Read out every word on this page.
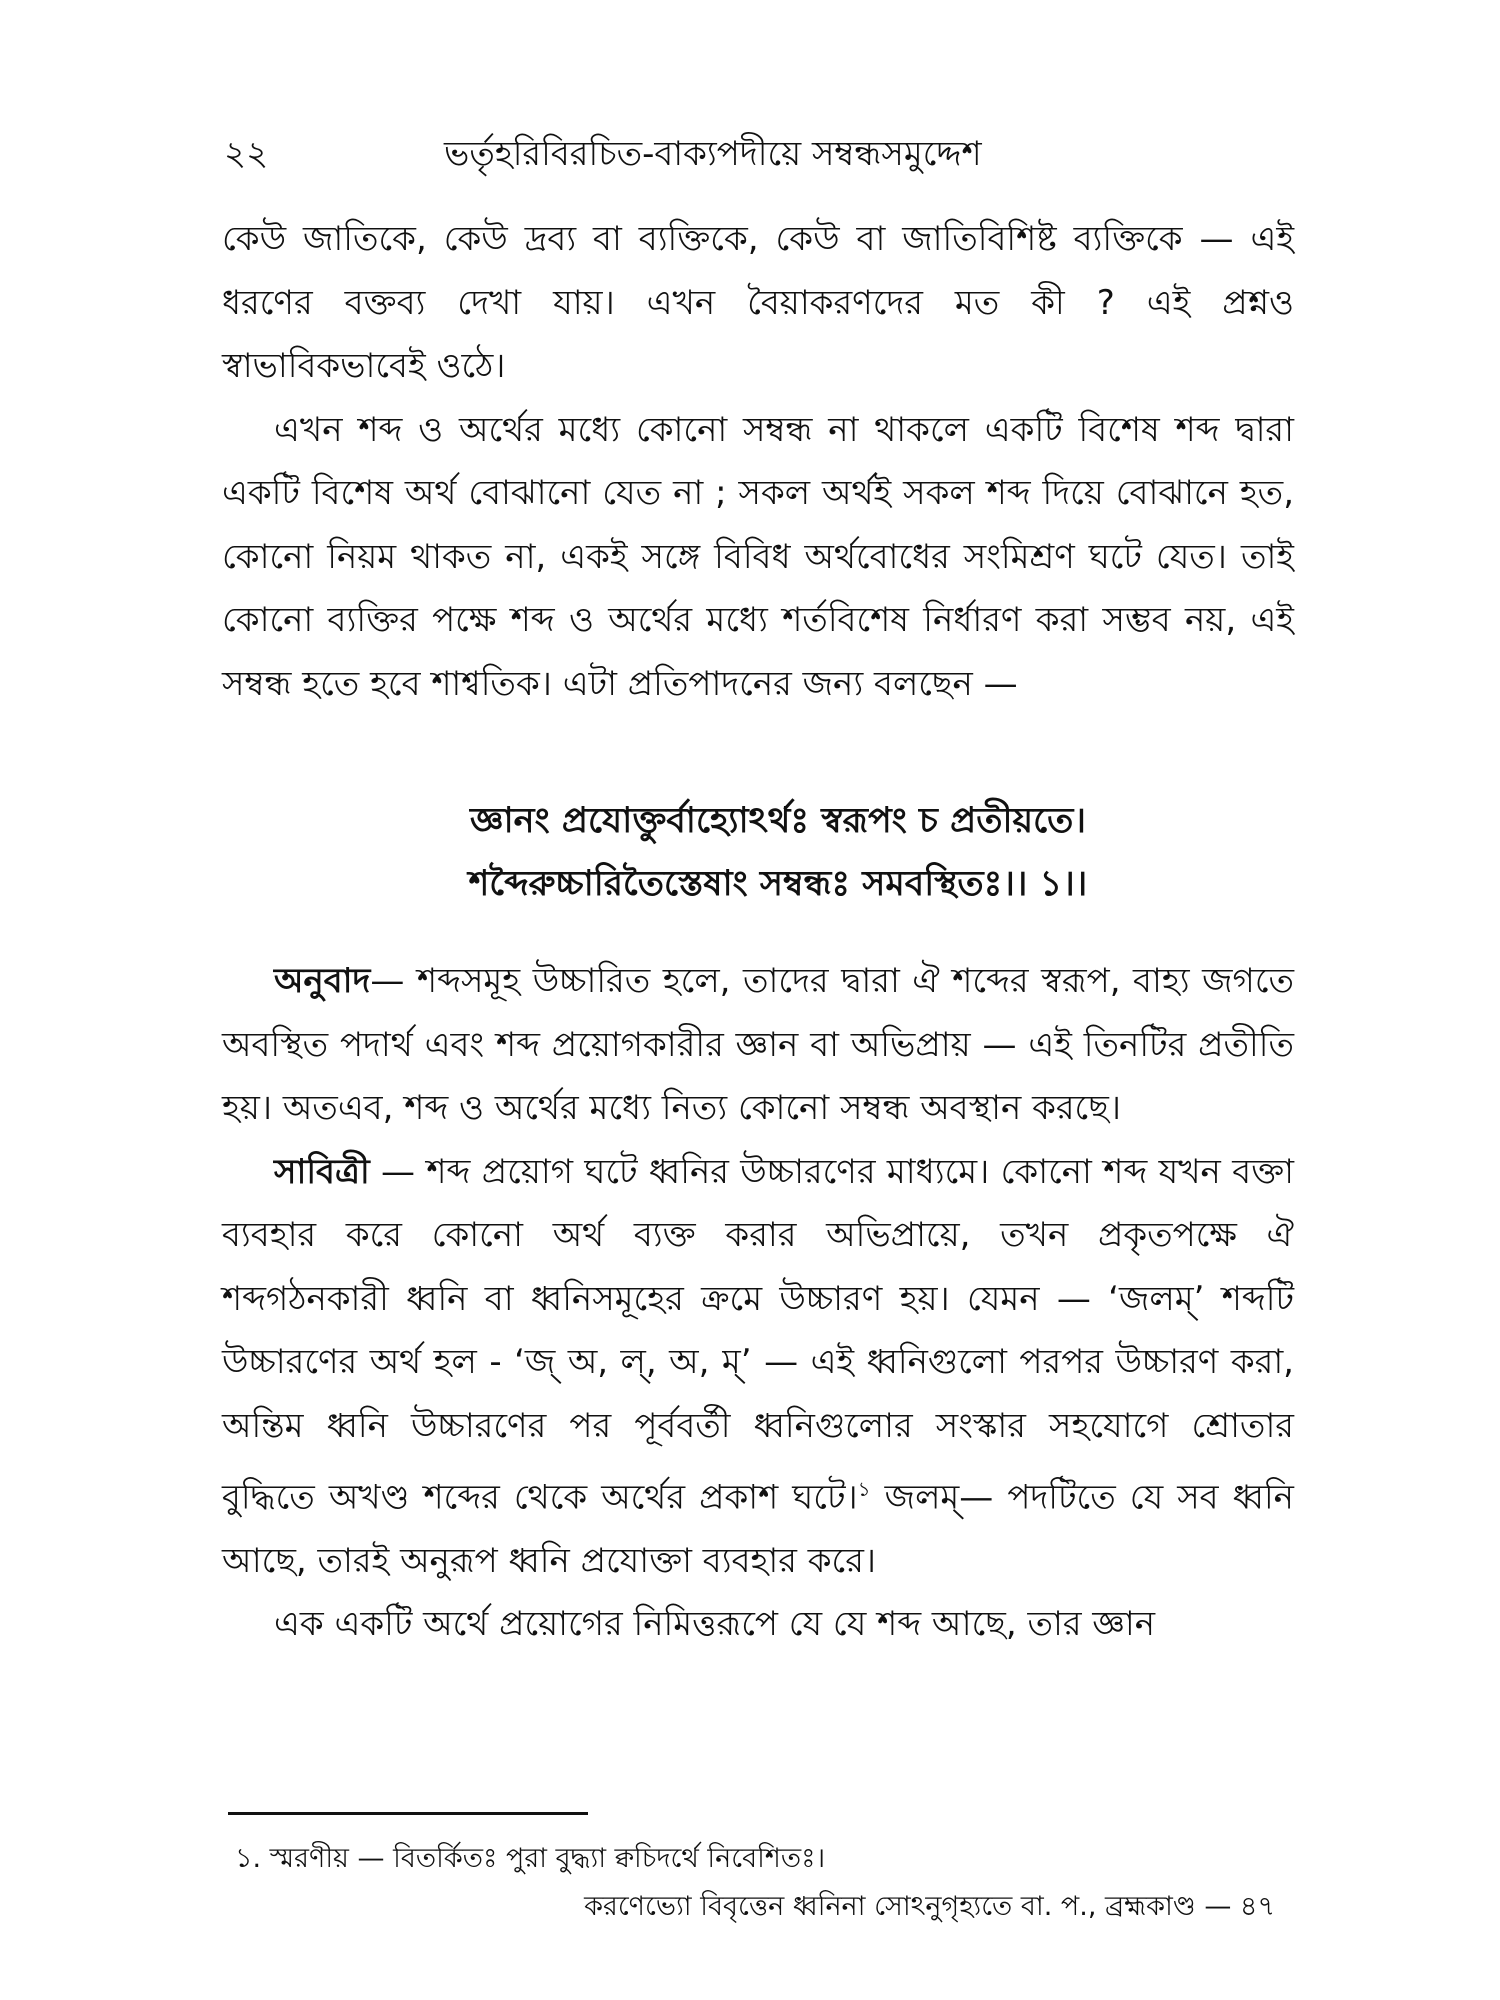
২২	ভর্তৃহরিবিরচিত-বাক্যপদীয়ে সম্বন্ধসমুদ্দেশ

কেউ জাতিকে, কেউ দ্রব্য বা ব্যক্তিকে, কেউ বা জাতিবিশিষ্ট ব্যক্তিকে — এই ধরণের বক্তব্য দেখা যায়। এখন বৈয়াকরণদের মত কী ? এই প্রশ্নও স্বাভাবিকভাবেই ওঠে।

এখন শব্দ ও অর্থের মধ্যে কোনো সম্বন্ধ না থাকলে একটি বিশেষ শব্দ দ্বারা একটি বিশেষ অর্থ বোঝানো যেত না ; সকল অর্থই সকল শব্দ দিয়ে বোঝানে হত, কোনো নিয়ম থাকত না, একই সঙ্গে বিবিধ অর্থবোধের সংমিশ্রণ ঘটে যেত। তাই কোনো ব্যক্তির পক্ষে শব্দ ও অর্থের মধ্যে শর্তবিশেষ নির্ধারণ করা সম্ভব নয়, এই সম্বন্ধ হতে হবে শাশ্বতিক। এটা প্রতিপাদনের জন্য বলছেন —

জ্ঞানং প্রযোক্তুর্বাহ্যোঽর্থঃ স্বরূপং চ প্রতীয়তে।
শব্দৈরুচ্চারিতৈস্তেষাং সম্বন্ধঃ সমবস্থিতঃ।। ১।।

অনুবাদ— শব্দসমূহ উচ্চারিত হলে, তাদের দ্বারা ঐ শব্দের স্বরূপ, বাহ্য জগতে অবস্থিত পদার্থ এবং শব্দ প্রয়োগকারীর জ্ঞান বা অভিপ্রায় — এই তিনটির প্রতীতি হয়। অতএব, শব্দ ও অর্থের মধ্যে নিত্য কোনো সম্বন্ধ অবস্থান করছে।

সাবিত্রী — শব্দ প্রয়োগ ঘটে ধ্বনির উচ্চারণের মাধ্যমে। কোনো শব্দ যখন বক্তা ব্যবহার করে কোনো অর্থ ব্যক্ত করার অভিপ্রায়ে, তখন প্রকৃতপক্ষে ঐ শব্দগঠনকারী ধ্বনি বা ধ্বনিসমূহের ক্রমে উচ্চারণ হয়। যেমন — ‘জলম্’ শব্দটি উচ্চারণের অর্থ হল - ‘জ্ অ, ল্, অ, ম্’ — এই ধ্বনিগুলো পরপর উচ্চারণ করা, অন্তিম ধ্বনি উচ্চারণের পর পূর্ববর্তী ধ্বনিগুলোর সংস্কার সহযোগে শ্রোতার বুদ্ধিতে অখণ্ড শব্দের থেকে অর্থের প্রকাশ ঘটে।$^১$ জলম্— পদটিতে যে সব ধ্বনি আছে, তারই অনুরূপ ধ্বনি প্রযোক্তা ব্যবহার করে।

এক একটি অর্থে প্রয়োগের নিমিত্তরূপে যে যে শব্দ আছে, তার জ্ঞান

১. স্মরণীয় — বিতর্কিতঃ পুরা বুদ্ধ্যা ক্বচিদর্থে নিবেশিতঃ।
করণেভ্যো বিবৃত্তেন ধ্বনিনা সোঽনুগৃহ্যতে বা. প., ব্রহ্মকাণ্ড — ৪৭
